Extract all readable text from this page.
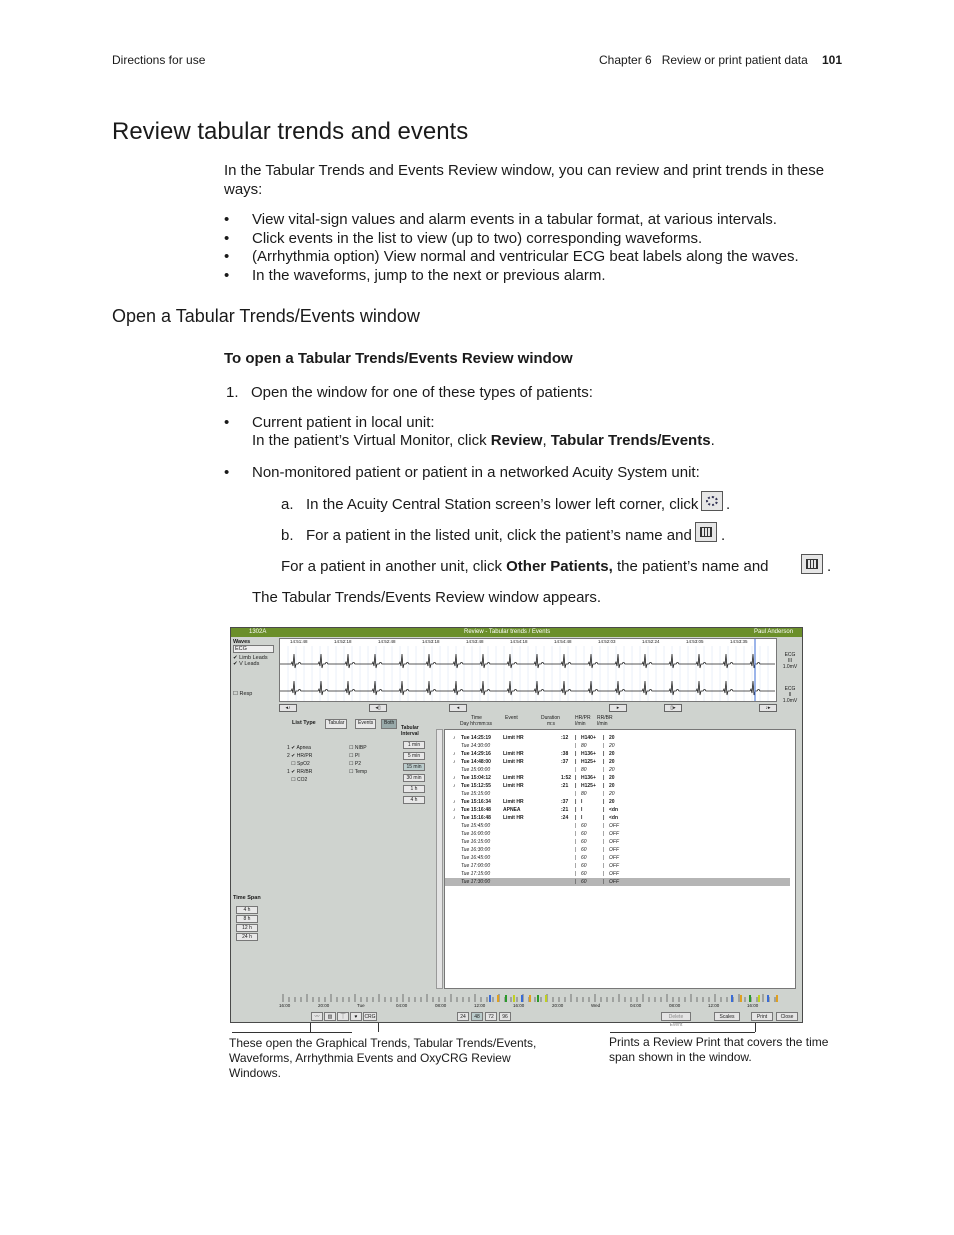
Directions for use	Chapter 6   Review or print patient data 101
Review tabular trends and events
In the Tabular Trends and Events Review window, you can review and print trends in these ways:
• View vital-sign values and alarm events in a tabular format, at various intervals.
• Click events in the list to view (up to two) corresponding waveforms.
• (Arrhythmia option) View normal and ventricular ECG beat labels along the waves.
• In the waveforms, jump to the next or previous alarm.
Open a Tabular Trends/Events window
To open a Tabular Trends/Events Review window
1.   Open the window for one of these types of patients:
• Current patient in local unit:
In the patient’s Virtual Monitor, click Review, Tabular Trends/Events.
• Non-monitored patient or patient in a networked Acuity System unit:
a.   In the Acuity Central Station screen’s lower left corner, click .
b.   For a patient in the listed unit, click the patient’s name and .
For a patient in another unit, click Other Patients, the patient’s name and	.
The Tabular Trends/Events Review window appears.
1302A	Review - Tabular trends / Events	Paul Anderson
Waves
ECG
✔ Limb Leads
✔ V Leads
☐ Resp
14:51:48	14:52:18	14:52:48	14:53:18	14:53:48	14:54:18	14:54:48	14:52:03	14:52:24	14:53:05	14:53:35
ECG
III
1.0mV
ECG
II
1.0mV
◂♪	◂▯	◂	▸	▯▸	♪▸
List Type	Tabular	Events	Both
Tabular Interval
1 min
5 min
15 min
30 min
1 h
4 h
1 ✔ Apnea
2 ✔ HR/PR
☐ SpO2
1 ✔ RR/BR
☐ CO2
☐ NIBP
☐ PI
☐ P2
☐ Temp
Time
Day hh:mm:ss
Event	Duration
m:s
HR/PR
l/min
RR/BR
l/min
♪ Tue 14:25:19 Limit HR	:12 | H140+ | 20
Tue 14:30:00	| 80	| 20
♪ Tue 14:29:16 Limit HR	:38 | H136+ | 20
♪ Tue 14:48:00 Limit HR	:37 | H125+ | 20
Tue 15:00:00	| 80	| 20
♪ Tue 15:04:12 Limit HR	1:52 | H136+ | 20
♪ Tue 15:12:55 Limit HR	:21 | H125+ | 20
Tue 15:15:00	| 80	| 20
♪ Tue 15:16:34 Limit HR	:37 | I	| 20
♪ Tue 15:16:48 APNEA	:21 | I	| <dn
♪ Tue 15:16:48 Limit HR	:24 | I	| <dn
Tue 15:45:00	| 60	| OFF
Tue 16:00:00	| 60	| OFF
Tue 16:15:00	| 60	| OFF
Tue 16:30:00	| 60	| OFF
Tue 16:45:00	| 60	| OFF
Tue 17:00:00	| 60	| OFF
Tue 17:15:00	| 60	| OFF
Tue 17:30:00	| 60	| OFF
Time Span
4 h
8 h
12 h
24 h
16:00	20:00	Tue	04:00	08:00	12:00	16:00	20:00	Wed	04:00	08:00	12:00	16:00
〰	▥	⏉	♥	CRG	24	48	72	96	Delete Event
Scales	Print	Close
These open the Graphical Trends, Tabular Trends/Events, Waveforms, Arrhythmia Events and OxyCRG Review Windows.
Prints a Review Print that covers the time span shown in the window.
